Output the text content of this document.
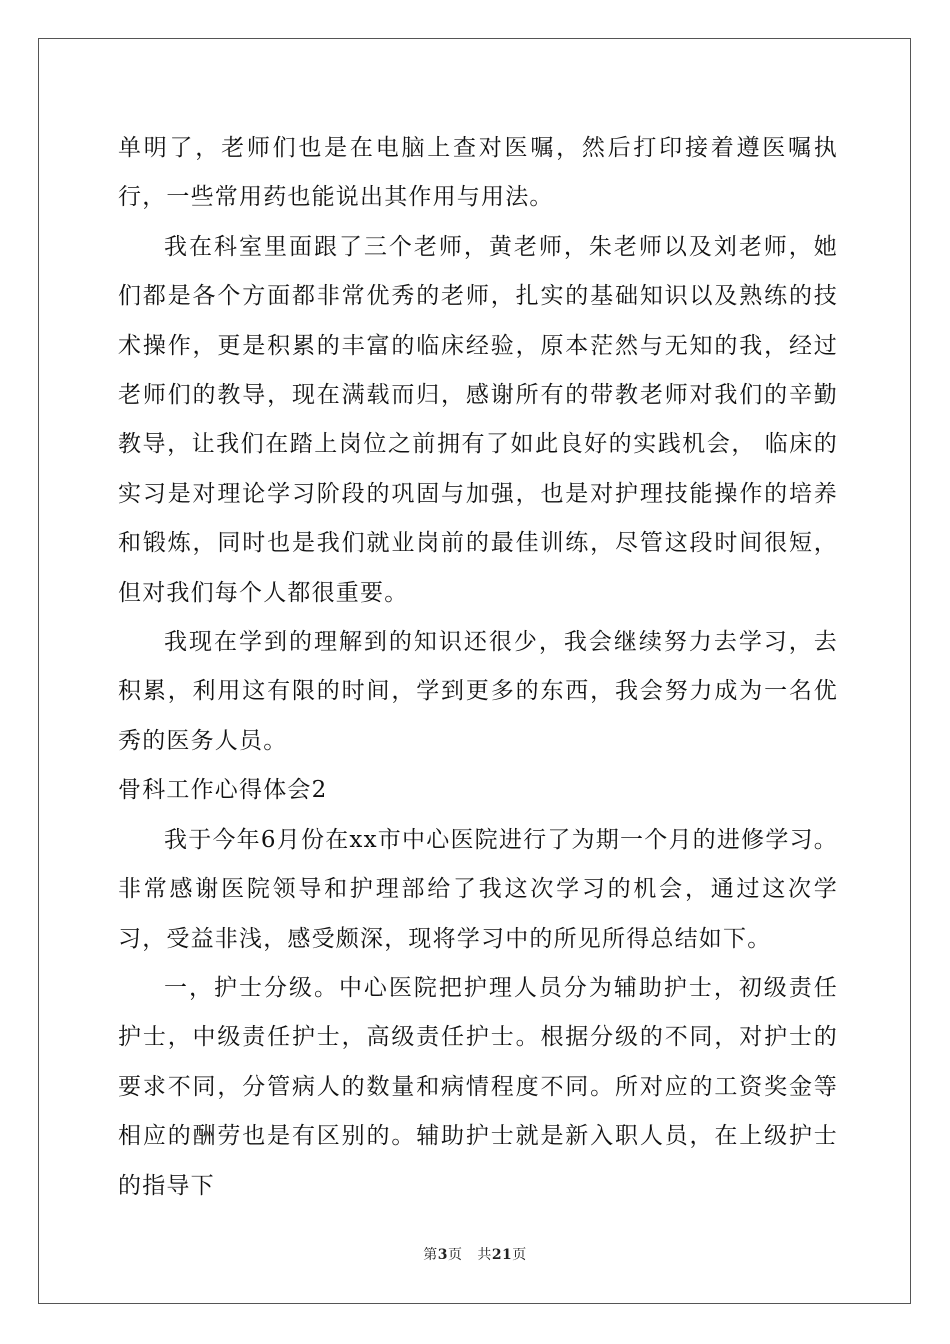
单明了，老师们也是在电脑上查对医嘱，然后打印接着遵医嘱执行，一些常用药也能说出其作用与用法。

我在科室里面跟了三个老师，黄老师，朱老师以及刘老师，她们都是各个方面都非常优秀的老师，扎实的基础知识以及熟练的技术操作，更是积累的丰富的临床经验，原本茫然与无知的我，经过老师们的教导，现在满载而归，感谢所有的带教老师对我们的辛勤教导，让我们在踏上岗位之前拥有了如此良好的实践机会， 临床的实习是对理论学习阶段的巩固与加强，也是对护理技能操作的培养和锻炼，同时也是我们就业岗前的最佳训练，尽管这段时间很短，但对我们每个人都很重要。

我现在学到的理解到的知识还很少，我会继续努力去学习，去积累，利用这有限的时间，学到更多的东西，我会努力成为一名优秀的医务人员。

骨科工作心得体会2

我于今年6月份在xx市中心医院进行了为期一个月的进修学习。非常感谢医院领导和护理部给了我这次学习的机会，通过这次学习，受益非浅，感受颇深，现将学习中的所见所得总结如下。

一，护士分级。中心医院把护理人员分为辅助护士，初级责任护士，中级责任护士，高级责任护士。根据分级的不同，对护士的要求不同，分管病人的数量和病情程度不同。所对应的工资奖金等相应的酬劳也是有区别的。辅助护士就是新入职人员，在上级护士的指导下

第3页 共21页
